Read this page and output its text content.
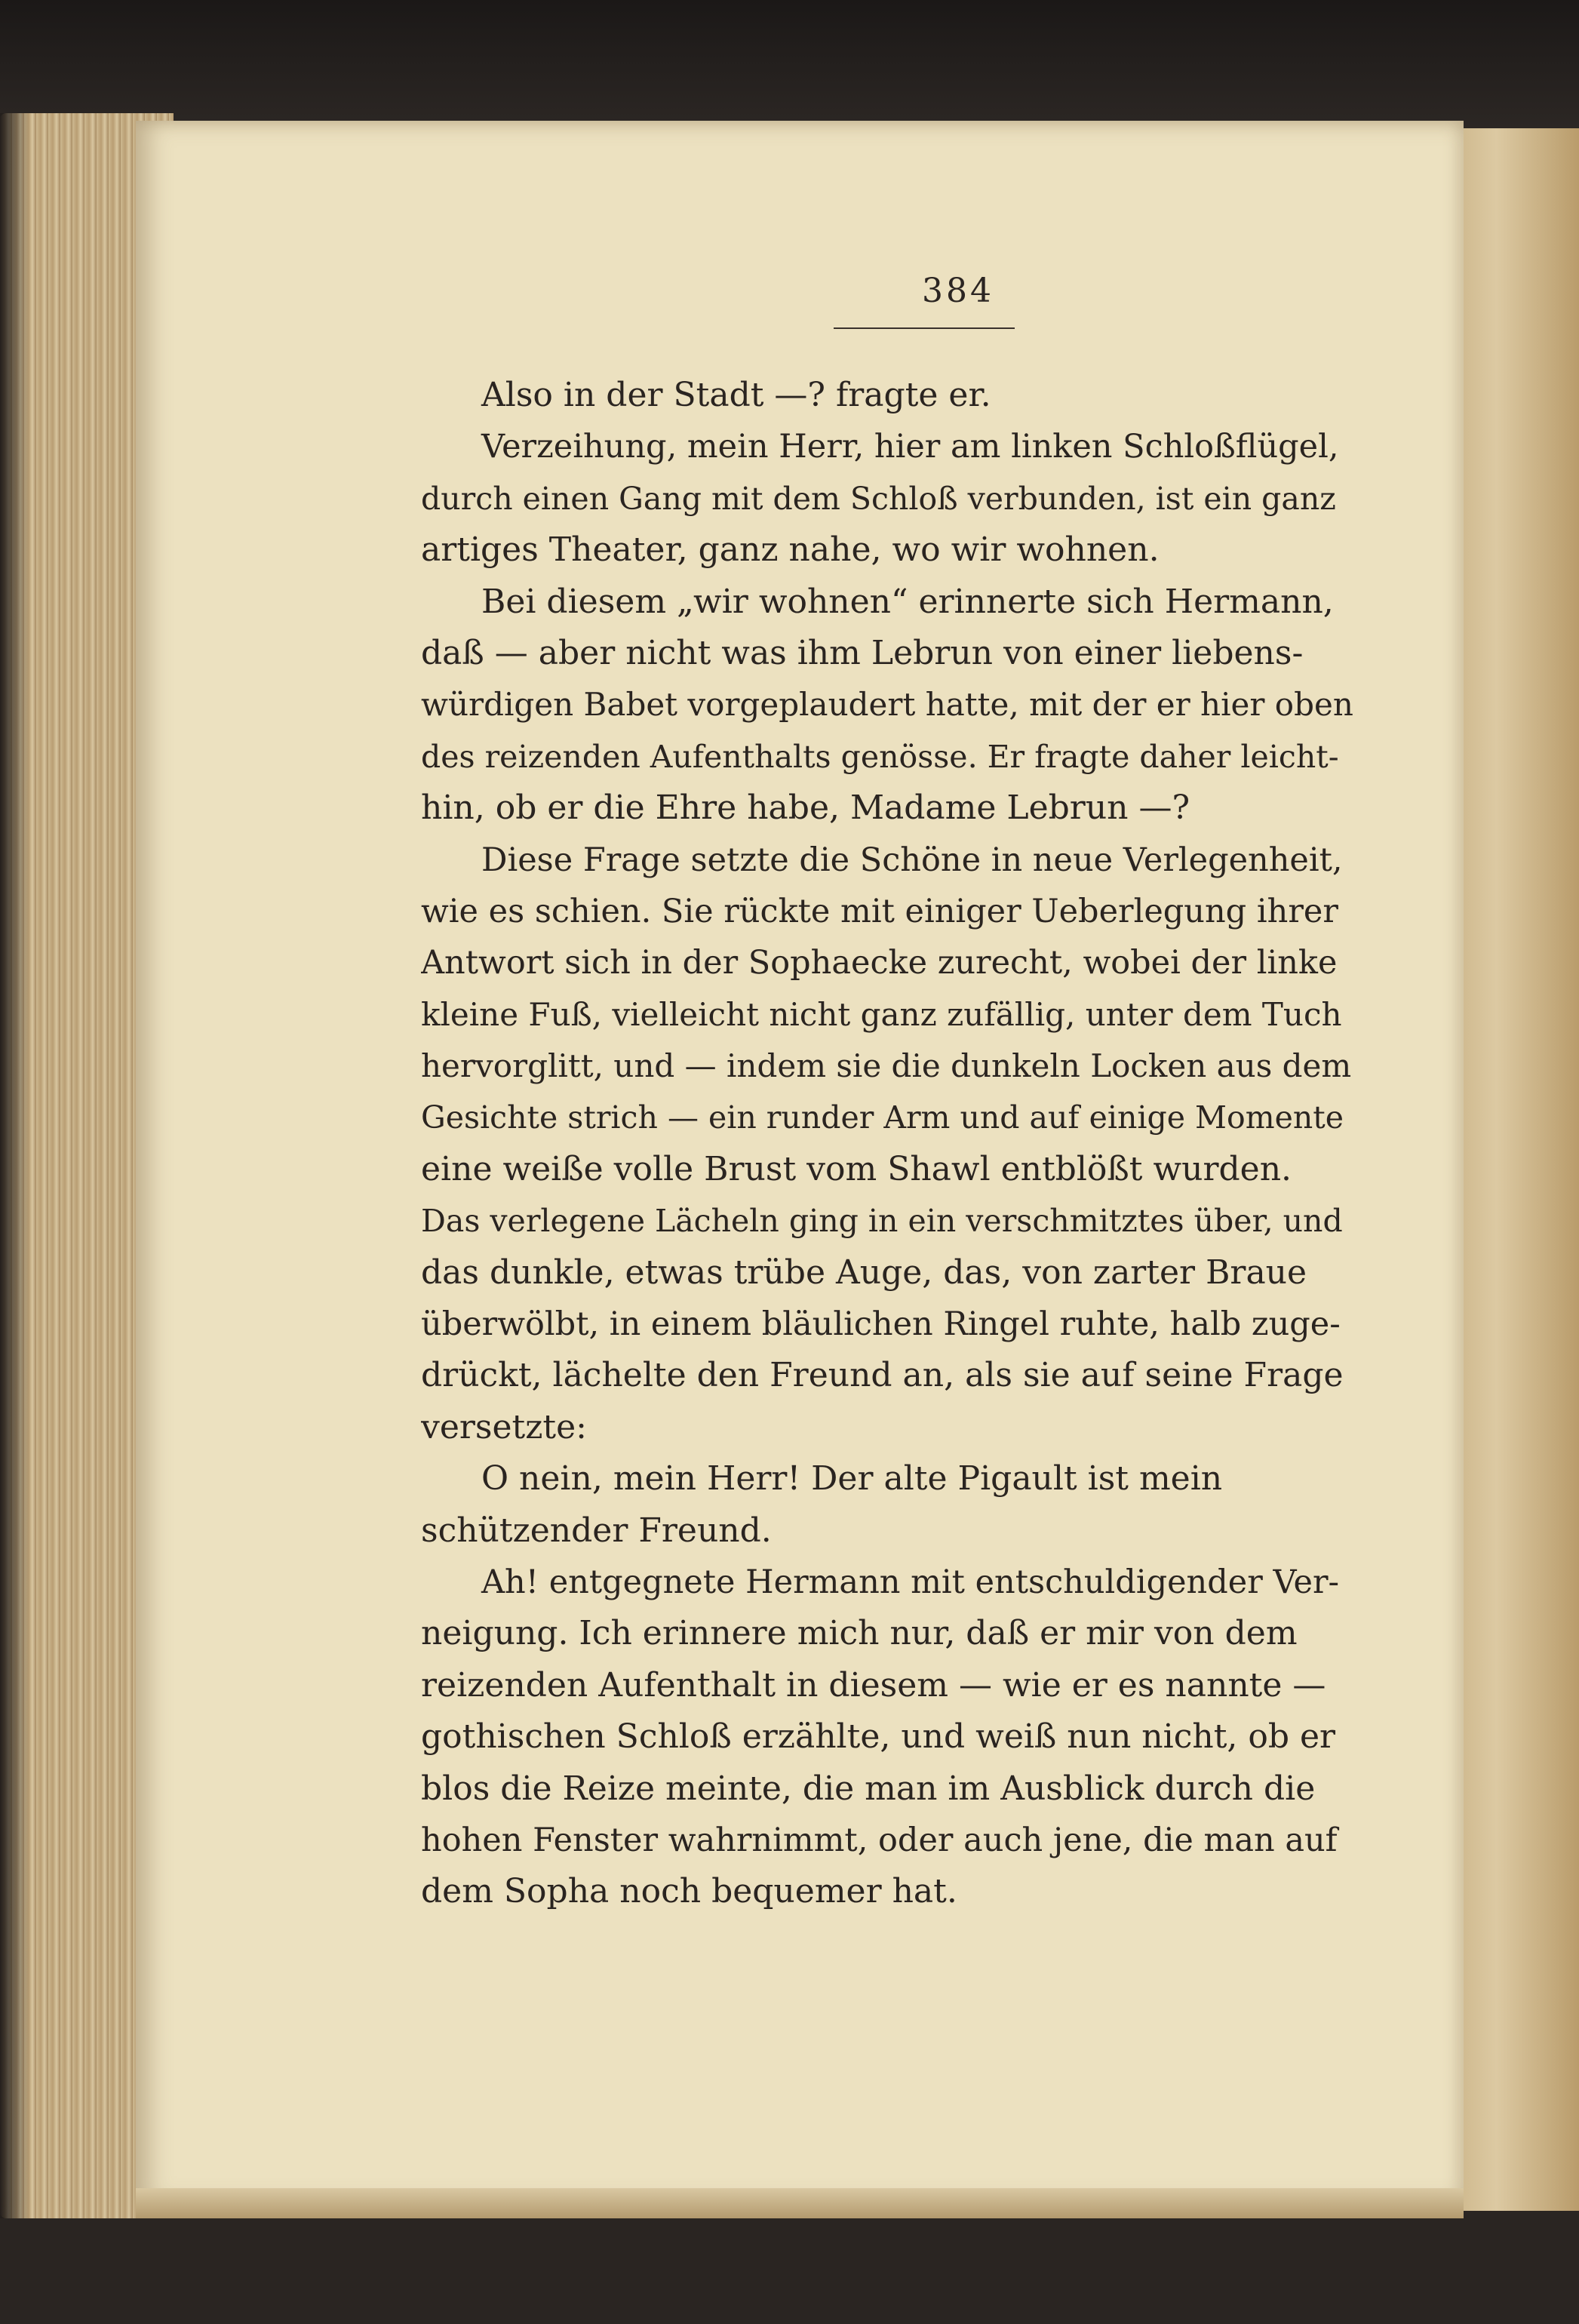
384
Also in der Stadt —? fragte er.
Verzeihung, mein Herr, hier am linken Schloßflügel,
durch einen Gang mit dem Schloß verbunden, ist ein ganz
artiges Theater, ganz nahe, wo wir wohnen.
Bei diesem „wir wohnen“ erinnerte sich Hermann,
daß — aber nicht was ihm Lebrun von einer liebens-
würdigen Babet vorgeplaudert hatte, mit der er hier oben
des reizenden Aufenthalts genösse. Er fragte daher leicht-
hin, ob er die Ehre habe, Madame Lebrun —?
Diese Frage setzte die Schöne in neue Verlegenheit,
wie es schien. Sie rückte mit einiger Ueberlegung ihrer
Antwort sich in der Sophaecke zurecht, wobei der linke
kleine Fuß, vielleicht nicht ganz zufällig, unter dem Tuch
hervorglitt, und — indem sie die dunkeln Locken aus dem
Gesichte strich — ein runder Arm und auf einige Momente
eine weiße volle Brust vom Shawl entblößt wurden.
Das verlegene Lächeln ging in ein verschmitztes über, und
das dunkle, etwas trübe Auge, das, von zarter Braue
überwölbt, in einem bläulichen Ringel ruhte, halb zuge-
drückt, lächelte den Freund an, als sie auf seine Frage
versetzte:
O nein, mein Herr! Der alte Pigault ist mein
schützender Freund.
Ah! entgegnete Hermann mit entschuldigender Ver-
neigung. Ich erinnere mich nur, daß er mir von dem
reizenden Aufenthalt in diesem — wie er es nannte —
gothischen Schloß erzählte, und weiß nun nicht, ob er
blos die Reize meinte, die man im Ausblick durch die
hohen Fenster wahrnimmt, oder auch jene, die man auf
dem Sopha noch bequemer hat.
